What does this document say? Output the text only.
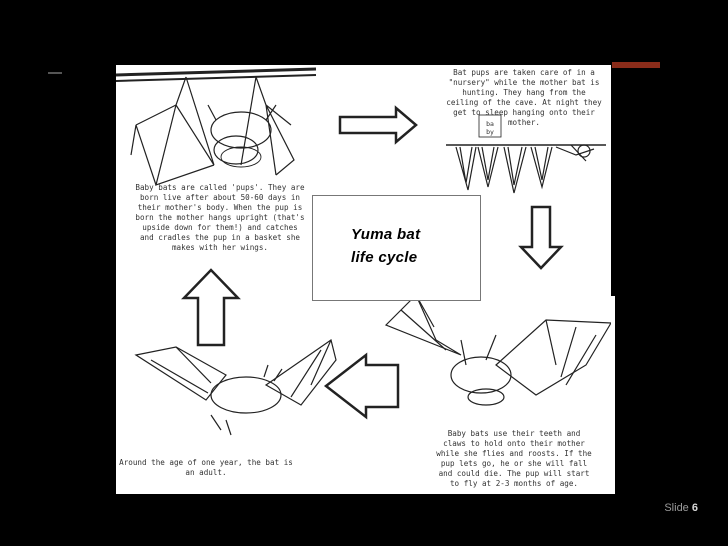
Baby bats are called 'pups'. They are
born live after about 50-60 days in
their mother's body. When the pup is
born the mother hangs upright (that's
upside down for them!) and catches
and cradles the pup in a basket she
makes with her wings.
Bat pups are taken care of in a
"nursery" while the mother bat is
hunting. They hang from the
ceiling of the cave. At night they
get to sleep hanging onto their
mother.
Baby bats use their teeth and
claws to hold onto their mother
while she flies and roosts. If the
pup lets go, he or she will fall
and could die. The pup will start
to fly at 2-3 months of age.
Around the age of one year, the bat is
an adult.
ba
by
Yuma bat
life cycle
Slide 6
